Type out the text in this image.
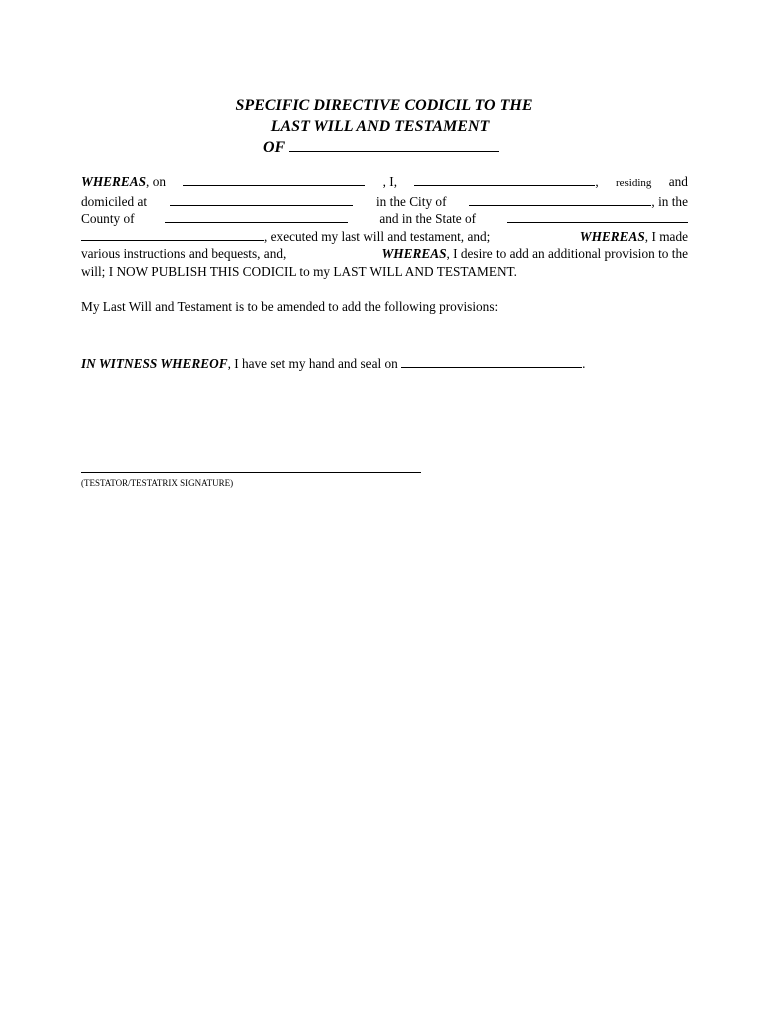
SPECIFIC DIRECTIVE CODICIL TO THE
LAST WILL AND TESTAMENT
OF
WHEREAS, on	, I,	, residing and
domiciled at	in the City of	, in the
County of	and in the State of
, executed my last will and testament, and;	WHEREAS, I made
various instructions and bequests, and,	WHEREAS, I desire to add an additional provision to the
will; I NOW PUBLISH THIS CODICIL to my LAST WILL AND TESTAMENT.
My Last Will and Testament is to be amended to add the following provisions:
IN WITNESS WHEREOF, I have set my hand and seal on	.
(TESTATOR/TESTATRIX SIGNATURE)
